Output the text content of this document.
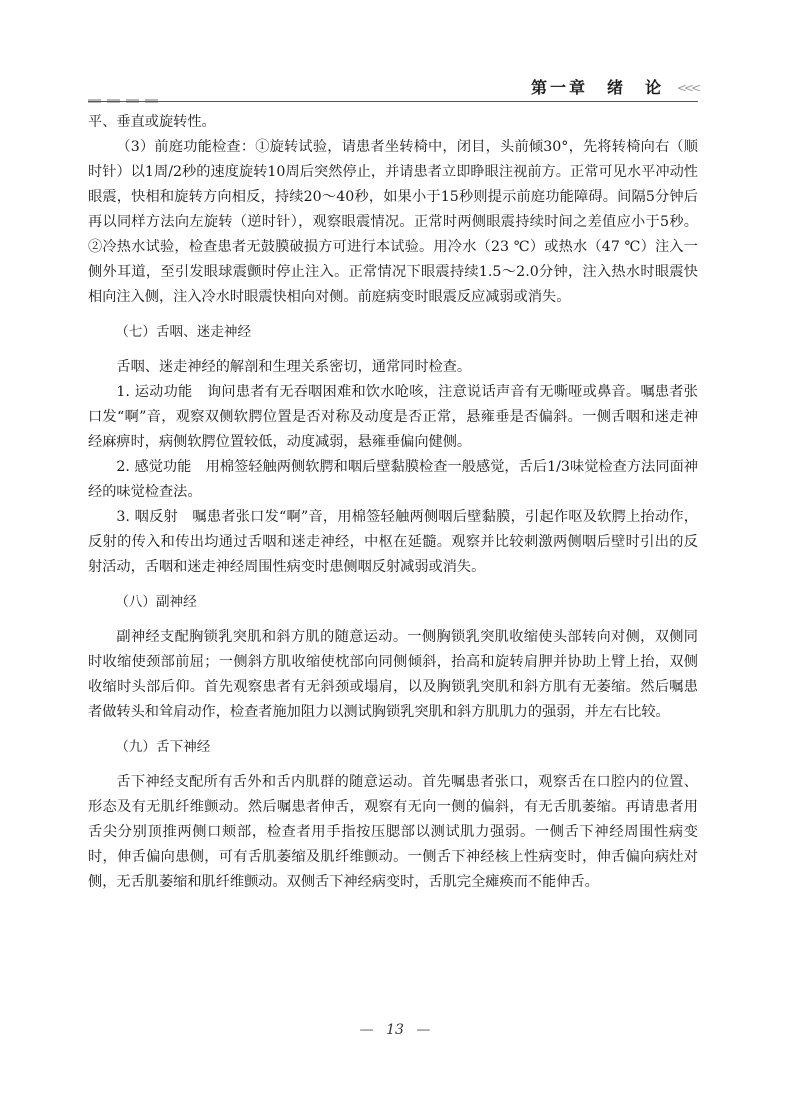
第一章　绪　论 <<<

平、垂直或旋转性。

（3）前庭功能检查：①旋转试验，请患者坐转椅中，闭目，头前倾30°，先将转椅向右（顺时针）以1周/2秒的速度旋转10周后突然停止，并请患者立即睁眼注视前方。正常可见水平冲动性眼震，快相和旋转方向相反，持续20～40秒，如果小于15秒则提示前庭功能障碍。间隔5分钟后再以同样方法向左旋转（逆时针），观察眼震情况。正常时两侧眼震持续时间之差值应小于5秒。②冷热水试验，检查患者无鼓膜破损方可进行本试验。用冷水（23 ℃）或热水（47 ℃）注入一侧外耳道，至引发眼球震颤时停止注入。正常情况下眼震持续1.5～2.0分钟，注入热水时眼震快相向注入侧，注入冷水时眼震快相向对侧。前庭病变时眼震反应减弱或消失。

（七）舌咽、迷走神经

舌咽、迷走神经的解剖和生理关系密切，通常同时检查。

1. 运动功能　询问患者有无吞咽困难和饮水呛咳，注意说话声音有无嘶哑或鼻音。嘱患者张口发“啊”音，观察双侧软腭位置是否对称及动度是否正常，悬雍垂是否偏斜。一侧舌咽和迷走神经麻痹时，病侧软腭位置较低，动度减弱，悬雍垂偏向健侧。

2. 感觉功能　用棉签轻触两侧软腭和咽后壁黏膜检查一般感觉，舌后1/3味觉检查方法同面神经的味觉检查法。

3. 咽反射　嘱患者张口发“啊”音，用棉签轻触两侧咽后壁黏膜，引起作呕及软腭上抬动作，反射的传入和传出均通过舌咽和迷走神经，中枢在延髓。观察并比较刺激两侧咽后壁时引出的反射活动，舌咽和迷走神经周围性病变时患侧咽反射减弱或消失。

（八）副神经

副神经支配胸锁乳突肌和斜方肌的随意运动。一侧胸锁乳突肌收缩使头部转向对侧，双侧同时收缩使颈部前屈；一侧斜方肌收缩使枕部向同侧倾斜，抬高和旋转肩胛并协助上臂上抬，双侧收缩时头部后仰。首先观察患者有无斜颈或塌肩，以及胸锁乳突肌和斜方肌有无萎缩。然后嘱患者做转头和耸肩动作，检查者施加阻力以测试胸锁乳突肌和斜方肌肌力的强弱，并左右比较。

（九）舌下神经

舌下神经支配所有舌外和舌内肌群的随意运动。首先嘱患者张口，观察舌在口腔内的位置、形态及有无肌纤维颤动。然后嘱患者伸舌，观察有无向一侧的偏斜，有无舌肌萎缩。再请患者用舌尖分别顶推两侧口颊部，检查者用手指按压腮部以测试肌力强弱。一侧舌下神经周围性病变时，伸舌偏向患侧，可有舌肌萎缩及肌纤维颤动。一侧舌下神经核上性病变时，伸舌偏向病灶对侧，无舌肌萎缩和肌纤维颤动。双侧舌下神经病变时，舌肌完全瘫痪而不能伸舌。

— 13 —
